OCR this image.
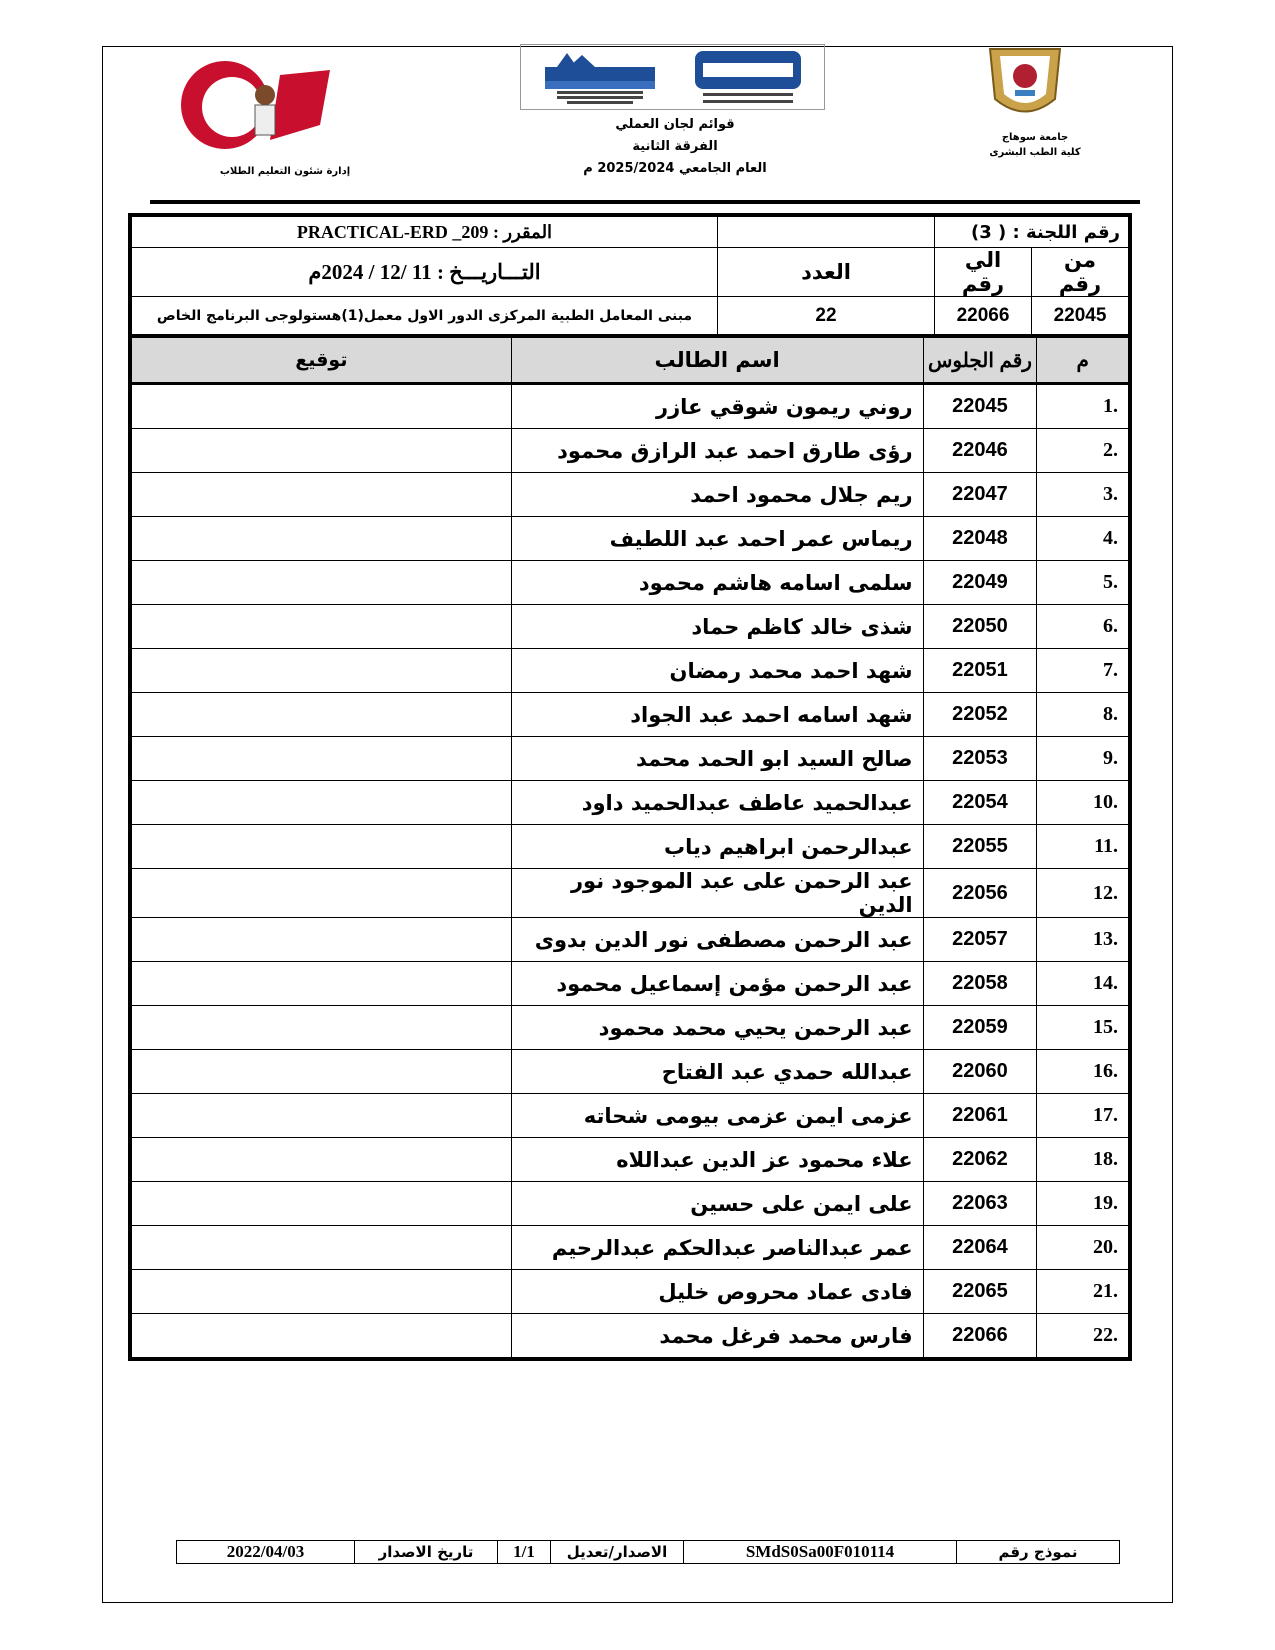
إدارة شئون التعليم الطلاب
قوائم لجان العملي
الفرقة الثانية
العام الجامعي 2025/2024 م
جامعة سوهاج
كلية الطب البشرى
رقم اللجنة : ( 3)			المقرر : PRACTICAL-ERD _209
من رقم	الي رقم	العدد	التـــاريـــخ : 11 /12 / 2024م
22045	22066	22	مبنى المعامل الطبية المركزى الدور الاول معمل(1)هستولوجى البرنامج الخاص
م	رقم الجلوس	اسم الطالب	توقيع
.1	22045	روني ريمون شوقي عازر	
.2	22046	رؤى طارق احمد عبد الرازق محمود	
.3	22047	ريم جلال محمود احمد	
.4	22048	ريماس عمر احمد عبد اللطيف	
.5	22049	سلمى اسامه هاشم محمود	
.6	22050	شذى خالد كاظم حماد	
.7	22051	شهد احمد محمد رمضان	
.8	22052	شهد اسامه احمد عبد الجواد	
.9	22053	صالح السيد ابو الحمد محمد	
.10	22054	عبدالحميد عاطف عبدالحميد داود	
.11	22055	عبدالرحمن ابراهيم دياب	
.12	22056	عبد الرحمن على عبد الموجود نور الدين	
.13	22057	عبد الرحمن مصطفى نور الدين بدوى	
.14	22058	عبد الرحمن مؤمن إسماعيل محمود	
.15	22059	عبد الرحمن يحيي محمد محمود	
.16	22060	عبدالله حمدي عبد الفتاح	
.17	22061	عزمى ايمن عزمى بيومى شحاته	
.18	22062	علاء محمود عز الدين عبداللاه	
.19	22063	على ايمن على حسين	
.20	22064	عمر عبدالناصر عبدالحكم عبدالرحيم	
.21	22065	فادى عماد محروص خليل	
.22	22066	فارس محمد فرغل محمد	
نموذج رقم	SMdS0Sa00F010114	الاصدار/تعديل	1/1	تاريخ الاصدار	2022/04/03
